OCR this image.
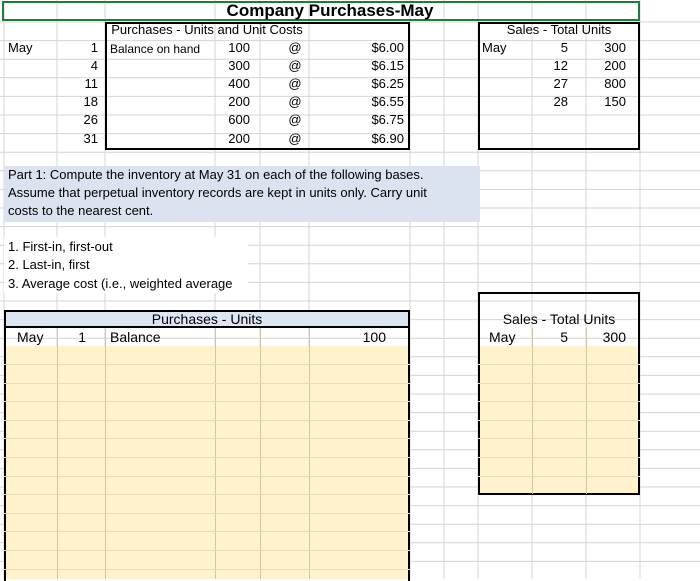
Company Purchases-May
Purchases - Units and Unit Costs
May	1 Balance on hand	100	@	$6.00
4	300	@	$6.15
11	400	@	$6.25
18	200	@	$6.55
26	600	@	$6.75
31	200	@	$6.90
Sales - Total Units
May	5	300
12	200
27	800
28	150
Part 1: Compute the inventory at May 31 on each of the following bases.
Assume that perpetual inventory records are kept in units only. Carry unit
costs to the nearest cent.
1. First-in, first-out
2. Last-in, first
3. Average cost (i.e., weighted average
Purchases - Units
May	1 Balance	100
Sales - Total Units
May	5	300
